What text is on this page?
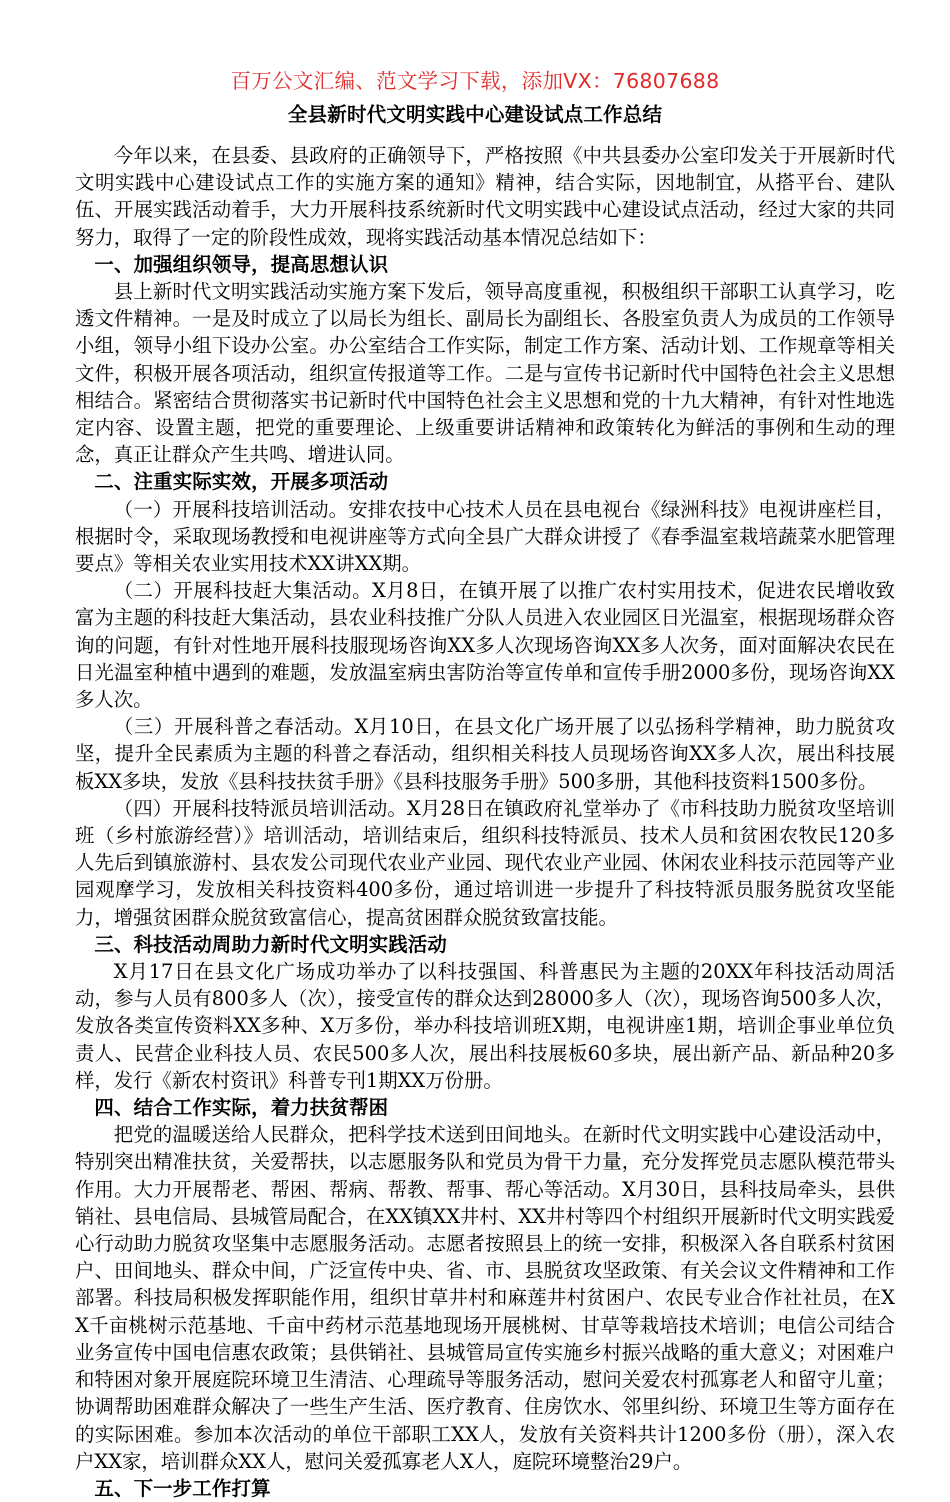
百万公文汇编、范文学习下载，添加VX：76807688
全县新时代文明实践中心建设试点工作总结

今年以来，在县委、县政府的正确领导下，严格按照《中共县委办公室印发关于开展新时代文明实践中心建设试点工作的实施方案的通知》精神，结合实际，因地制宜，从搭平台、建队伍、开展实践活动着手，大力开展科技系统新时代文明实践中心建设试点活动，经过大家的共同努力，取得了一定的阶段性成效，现将实践活动基本情况总结如下：

一、加强组织领导，提高思想认识

县上新时代文明实践活动实施方案下发后，领导高度重视，积极组织干部职工认真学习，吃透文件精神。一是及时成立了以局长为组长、副局长为副组长、各股室负责人为成员的工作领导小组，领导小组下设办公室。办公室结合工作实际，制定工作方案、活动计划、工作规章等相关文件，积极开展各项活动，组织宣传报道等工作。二是与宣传书记新时代中国特色社会主义思想相结合。紧密结合贯彻落实书记新时代中国特色社会主义思想和党的十九大精神，有针对性地选定内容、设置主题，把党的重要理论、上级重要讲话精神和政策转化为鲜活的事例和生动的理念，真正让群众产生共鸣、增进认同。

二、注重实际实效，开展多项活动

（一）开展科技培训活动。安排农技中心技术人员在县电视台《绿洲科技》电视讲座栏目，根据时令，采取现场教授和电视讲座等方式向全县广大群众讲授了《春季温室栽培蔬菜水肥管理要点》等相关农业实用技术XX讲XX期。

（二）开展科技赶大集活动。X月8日，在镇开展了以推广农村实用技术，促进农民增收致富为主题的科技赶大集活动，县农业科技推广分队人员进入农业园区日光温室，根据现场群众咨询的问题，有针对性地开展科技服现场咨询XX多人次现场咨询XX多人次务，面对面解决农民在日光温室种植中遇到的难题，发放温室病虫害防治等宣传单和宣传手册2000多份，现场咨询XX多人次。

（三）开展科普之春活动。X月10日，在县文化广场开展了以弘扬科学精神，助力脱贫攻坚，提升全民素质为主题的科普之春活动，组织相关科技人员现场咨询XX多人次，展出科技展板XX多块，发放《县科技扶贫手册》《县科技服务手册》500多册，其他科技资料1500多份。

（四）开展科技特派员培训活动。X月28日在镇政府礼堂举办了《市科技助力脱贫攻坚培训班（乡村旅游经营）》培训活动，培训结束后，组织科技特派员、技术人员和贫困农牧民120多人先后到镇旅游村、县农发公司现代农业产业园、现代农业产业园、休闲农业科技示范园等产业园观摩学习，发放相关科技资料400多份，通过培训进一步提升了科技特派员服务脱贫攻坚能力，增强贫困群众脱贫致富信心，提高贫困群众脱贫致富技能。

三、科技活动周助力新时代文明实践活动

X月17日在县文化广场成功举办了以科技强国、科普惠民为主题的20XX年科技活动周活动，参与人员有800多人（次），接受宣传的群众达到28000多人（次），现场咨询500多人次，发放各类宣传资料XX多种、X万多份，举办科技培训班X期，电视讲座1期，培训企事业单位负责人、民营企业科技人员、农民500多人次，展出科技展板60多块，展出新产品、新品种20多样，发行《新农村资讯》科普专刊1期XX万份册。

四、结合工作实际，着力扶贫帮困

把党的温暖送给人民群众，把科学技术送到田间地头。在新时代文明实践中心建设活动中，特别突出精准扶贫，关爱帮扶，以志愿服务队和党员为骨干力量，充分发挥党员志愿队模范带头作用。大力开展帮老、帮困、帮病、帮教、帮事、帮心等活动。X月30日，县科技局牵头，县供销社、县电信局、县城管局配合，在XX镇XX井村、XX井村等四个村组织开展新时代文明实践爱心行动助力脱贫攻坚集中志愿服务活动。志愿者按照县上的统一安排，积极深入各自联系村贫困户、田间地头、群众中间，广泛宣传中央、省、市、县脱贫攻坚政策、有关会议文件精神和工作部署。科技局积极发挥职能作用，组织甘草井村和麻莲井村贫困户、农民专业合作社社员，在XX千亩桃树示范基地、千亩中药材示范基地现场开展桃树、甘草等栽培技术培训；电信公司结合业务宣传中国电信惠农政策；县供销社、县城管局宣传实施乡村振兴战略的重大意义；对困难户和特困对象开展庭院环境卫生清洁、心理疏导等服务活动，慰问关爱农村孤寡老人和留守儿童；协调帮助困难群众解决了一些生产生活、医疗教育、住房饮水、邻里纠纷、环境卫生等方面存在的实际困难。参加本次活动的单位干部职工XX人，发放有关资料共计1200多份（册），深入农户XX家，培训群众XX人，慰问关爱孤寡老人X人，庭院环境整治29户。

五、下一步工作打算
